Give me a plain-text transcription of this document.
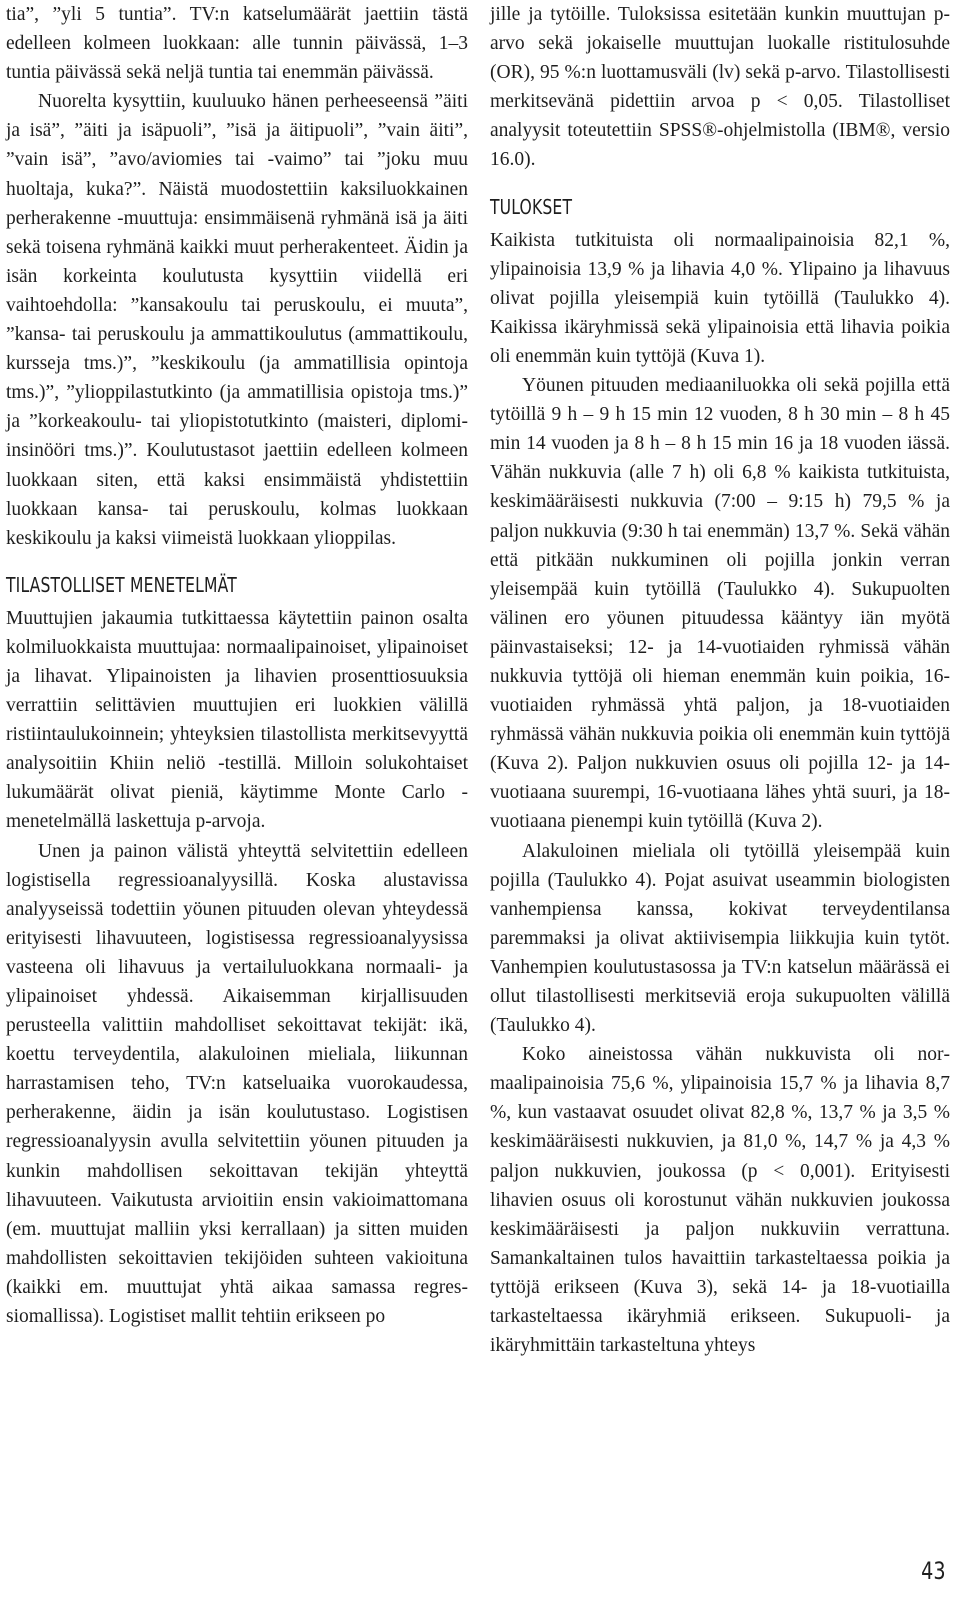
tia”, ”yli 5 tuntia”. TV:n katselumäärät jaettiin tästä edelleen kolmeen luokkaan: alle tunnin päivässä, 1–3 tuntia päivässä sekä neljä tuntia tai enemmän päivässä.

Nuorelta kysyttiin, kuuluuko hänen perheeseensä ”äiti ja isä”, ”äiti ja isäpuoli”, ”isä ja äitipuoli”, ”vain äiti”, ”vain isä”, ”avo/aviomies tai -vaimo” tai ”joku muu huoltaja, kuka?”. Näistä muodostettiin kaksiluokkainen perherakenne -muuttuja: ensimmäisenä ryhmänä isä ja äiti sekä toisena ryhmänä kaikki muut perherakenteet. Äidin ja isän korkeinta koulutusta kysyttiin viidellä eri vaihtoehdolla: ”kansakoulu tai peruskoulu, ei muuta”, ”kansa- tai peruskoulu ja ammattikoulutus (ammattikoulu, kursseja tms.)”, ”keskikoulu (ja ammatillisia opintoja tms.)”, ”ylioppilastutkinto (ja ammatillisia opistoja tms.)” ja ”korkeakoulu- tai yliopistotutkinto (maisteri, diplomiinsinööri tms.)”. Koulutustasot jaettiin edelleen kolmeen luokkaan siten, että kaksi ensimmäistä yhdistettiin luokkaan kansa- tai peruskoulu, kolmas luokkaan keskikoulu ja kaksi viimeistä luokkaan ylioppilas.

TILASTOLLISET MENETELMÄT

Muuttujien jakaumia tutkittaessa käytettiin painon osalta kolmiluokkaista muuttujaa: normaalipainoiset, ylipainoiset ja lihavat. Ylipainoisten ja lihavien prosenttiosuuksia verrattiin selittävien muuttujien eri luokkien välillä ristiintaulukoinnein; yhteyksien tilastollista merkitsevyyttä analysoitiin Khiin neliö -testillä. Milloin solukohtaiset lukumäärät olivat pieniä, käytimme Monte Carlo -menetelmällä laskettuja p-arvoja.

Unen ja painon välistä yhteyttä selvitettiin edelleen logistisella regressioanalyysillä. Koska alustavissa analyyseissä todettiin yöunen pituuden olevan yhteydessä erityisesti lihavuuteen, logistisessa regressioanalyysissa vasteena oli lihavuus ja vertailuluokkana normaali- ja ylipainoiset yhdessä. Aikaisemman kirjallisuuden perusteella valittiin mahdolliset sekoittavat tekijät: ikä, koettu terveydentila, alakuloinen mieliala, liikunnan harrastamisen teho, TV:n katseluaika vuorokaudessa, perherakenne, äidin ja isän koulutustaso. Logistisen regressioanalyysin avulla selvitettiin yöunen pituuden ja kunkin mahdollisen sekoittavan tekijän yhteyttä lihavuuteen. Vaikutusta arvioitiin ensin vakioimattomana (em. muuttujat malliin yksi kerrallaan) ja sitten muiden mahdollisten sekoittavien tekijöiden suhteen vakioituna (kaikki em. muuttujat yhtä aikaa samassa regressiomallissa). Logistiset mallit tehtiin erikseen po

jille ja tytöille. Tuloksissa esitetään kunkin muuttujan p-arvo sekä jokaiselle muuttujan luokalle ristitulosuhde (OR), 95 %:n luottamusväli (lv) sekä p-arvo. Tilastollisesti merkitsevänä pidettiin arvoa p < 0,05. Tilastolliset analyysit toteutettiin SPSS®-ohjelmistolla (IBM®, versio 16.0).

TULOKSET

Kaikista tutkituista oli normaalipainoisia 82,1 %, ylipainoisia 13,9 % ja lihavia 4,0 %. Ylipaino ja lihavuus olivat pojilla yleisempiä kuin tytöillä (Taulukko 4). Kaikissa ikäryhmissä sekä ylipainoisia että lihavia poikia oli enemmän kuin tyttöjä (Kuva 1).

Yöunen pituuden mediaaniluokka oli sekä pojilla että tytöillä 9 h – 9 h 15 min 12 vuoden, 8 h 30 min – 8 h 45 min 14 vuoden ja 8 h – 8 h 15 min 16 ja 18 vuoden iässä. Vähän nukkuvia (alle 7 h) oli 6,8 % kaikista tutkituista, keskimääräisesti nukkuvia (7:00 – 9:15 h) 79,5 % ja paljon nukkuvia (9:30 h tai enemmän) 13,7 %. Sekä vähän että pitkään nukkuminen oli pojilla jonkin verran yleisempää kuin tytöillä (Taulukko 4). Sukupuolten välinen ero yöunen pituudessa kääntyy iän myötä päinvastaiseksi; 12- ja 14-vuotiaiden ryhmissä vähän nukkuvia tyttöjä oli hieman enemmän kuin poikia, 16-vuotiaiden ryhmässä yhtä paljon, ja 18-vuotiaiden ryhmässä vähän nukkuvia poikia oli enemmän kuin tyttöjä (Kuva 2). Paljon nukkuvien osuus oli pojilla 12- ja 14-vuotiaana suurempi, 16-vuotiaana lähes yhtä suuri, ja 18-vuotiaana pienempi kuin tytöillä (Kuva 2).

Alakuloinen mieliala oli tytöillä yleisempää kuin pojilla (Taulukko 4). Pojat asuivat useammin biologisten vanhempiensa kanssa, kokivat terveydentilansa paremmaksi ja olivat aktiivisempia liikkujia kuin tytöt. Vanhempien koulutustasossa ja TV:n katselun määrässä ei ollut tilastollisesti merkitseviä eroja sukupuolten välillä (Taulukko 4).

Koko aineistossa vähän nukkuvista oli normaalipainoisia 75,6 %, ylipainoisia 15,7 % ja lihavia 8,7 %, kun vastaavat osuudet olivat 82,8 %, 13,7 % ja 3,5 % keskimääräisesti nukkuvien, ja 81,0 %, 14,7 % ja 4,3 % paljon nukkuvien, joukossa (p < 0,001). Erityisesti lihavien osuus oli korostunut vähän nukkuvien joukossa keskimääräisesti ja paljon nukkuviin verrattuna. Samankaltainen tulos havaittiin tarkasteltaessa poikia ja tyttöjä erikseen (Kuva 3), sekä 14- ja 18-vuotiailla tarkasteltaessa ikäryhmiä erikseen. Sukupuoli- ja ikäryhmittäin tarkasteltuna yhteys

43
